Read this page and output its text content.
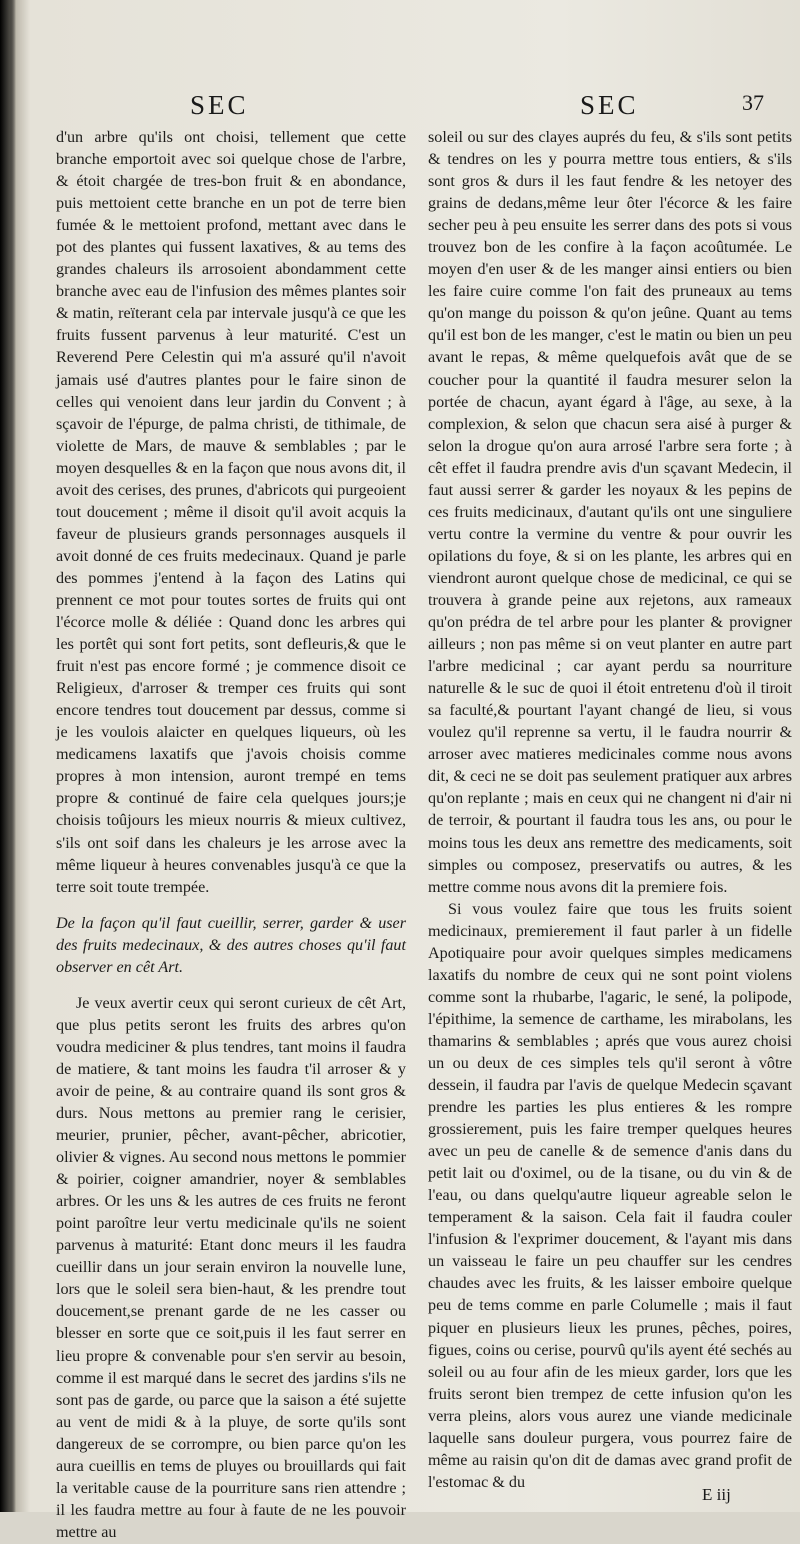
SEC	SEC	37

d'un arbre qu'ils ont choisi, tellement que cette branche emportoit avec soi quelque chose de l'arbre, & étoit chargée de tres-bon fruit & en abondance, puis mettoient cette branche en un pot de terre bien fumée & le mettoient profond, mettant avec dans le pot des plantes qui fussent laxatives, & au tems des grandes chaleurs ils arrosoient abondamment cette branche avec eau de l'infusion des mêmes plantes soir & matin, reïterant cela par intervale jusqu'à ce que les fruits fussent parvenus à leur maturité. C'est un Reverend Pere Celestin qui m'a assuré qu'il n'avoit jamais usé d'autres plantes pour le faire sinon de celles qui venoient dans leur jardin du Convent ; à sçavoir de l'épurge, de palma christi, de tithimale, de violette de Mars, de mauve & semblables ; par le moyen desquelles & en la façon que nous avons dit, il avoit des cerises, des prunes, d'abricots qui purgeoient tout doucement ; même il disoit qu'il avoit acquis la faveur de plusieurs grands personnages ausquels il avoit donné de ces fruits medecinaux. Quand je parle des pommes j'entend à la façon des Latins qui prennent ce mot pour toutes sortes de fruits qui ont l'écorce molle & déliée : Quand donc les arbres qui les portêt qui sont fort petits, sont defleuris,& que le fruit n'est pas encore formé ; je commence disoit ce Religieux, d'arroser & tremper ces fruits qui sont encore tendres tout doucement par dessus, comme si je les voulois alaicter en quelques liqueurs, où les medicamens laxatifs que j'avois choisis comme propres à mon intension, auront trempé en tems propre & continué de faire cela quelques jours;je choisis toûjours les mieux nourris & mieux cultivez, s'ils ont soif dans les chaleurs je les arrose avec la même liqueur à heures convenables jusqu'à ce que la terre soit toute trempée.

De la façon qu'il faut cueillir, serrer, garder & user des fruits medecinaux, & des autres choses qu'il faut observer en cêt Art.

Je veux avertir ceux qui seront curieux de cêt Art, que plus petits seront les fruits des arbres qu'on voudra mediciner & plus tendres, tant moins il faudra de matiere, & tant moins les faudra t'il arroser & y avoir de peine, & au contraire quand ils sont gros & durs. Nous mettons au premier rang le cerisier, meurier, prunier, pêcher, avant-pêcher, abricotier, olivier & vignes. Au second nous mettons le pommier & poirier, coigner amandrier, noyer & semblables arbres. Or les uns & les autres de ces fruits ne feront point paroître leur vertu medicinale qu'ils ne soient parvenus à maturité: Etant donc meurs il les faudra cueillir dans un jour serain environ la nouvelle lune, lors que le soleil sera bien-haut, & les prendre tout doucement,se prenant garde de ne les casser ou blesser en sorte que ce soit,puis il les faut serrer en lieu propre & convenable pour s'en servir au besoin, comme il est marqué dans le secret des jardins s'ils ne sont pas de garde, ou parce que la saison a été sujette au vent de midi & à la pluye, de sorte qu'ils sont dangereux de se corrompre, ou bien parce qu'on les aura cueillis en tems de pluyes ou brouillards qui fait la veritable cause de la pourriture sans rien attendre ; il les faudra mettre au four à faute de ne les pouvoir mettre au

soleil ou sur des clayes auprés du feu, & s'ils sont petits & tendres on les y pourra mettre tous entiers, & s'ils sont gros & durs il les faut fendre & les netoyer des grains de dedans,même leur ôter l'écorce & les faire secher peu à peu ensuite les serrer dans des pots si vous trouvez bon de les confire à la façon acoûtumée. Le moyen d'en user & de les manger ainsi entiers ou bien les faire cuire comme l'on fait des pruneaux au tems qu'on mange du poisson & qu'on jeûne. Quant au tems qu'il est bon de les manger, c'est le matin ou bien un peu avant le repas, & même quelquefois avât que de se coucher pour la quantité il faudra mesurer selon la portée de chacun, ayant égard à l'âge, au sexe, à la complexion, & selon que chacun sera aisé à purger & selon la drogue qu'on aura arrosé l'arbre sera forte ; à cêt effet il faudra prendre avis d'un sçavant Medecin, il faut aussi serrer & garder les noyaux & les pepins de ces fruits medicinaux, d'autant qu'ils ont une singuliere vertu contre la vermine du ventre & pour ouvrir les opilations du foye, & si on les plante, les arbres qui en viendront auront quelque chose de medicinal, ce qui se trouvera à grande peine aux rejetons, aux rameaux qu'on prédra de tel arbre pour les planter & provigner ailleurs ; non pas même si on veut planter en autre part l'arbre medicinal ; car ayant perdu sa nourriture naturelle & le suc de quoi il étoit entretenu d'où il tiroit sa faculté,& pourtant l'ayant changé de lieu, si vous voulez qu'il reprenne sa vertu, il le faudra nourrir & arroser avec matieres medicinales comme nous avons dit, & ceci ne se doit pas seulement pratiquer aux arbres qu'on replante ; mais en ceux qui ne changent ni d'air ni de terroir, & pourtant il faudra tous les ans, ou pour le moins tous les deux ans remettre des medicaments, soit simples ou composez, preservatifs ou autres, & les mettre comme nous avons dit la premiere fois.

Si vous voulez faire que tous les fruits soient medicinaux, premierement il faut parler à un fidelle Apotiquaire pour avoir quelques simples medicamens laxatifs du nombre de ceux qui ne sont point violens comme sont la rhubarbe, l'agaric, le sené, la polipode, l'épithime, la semence de carthame, les mirabolans, les thamarins & semblables ; aprés que vous aurez choisi un ou deux de ces simples tels qu'il seront à vôtre dessein, il faudra par l'avis de quelque Medecin sçavant prendre les parties les plus entieres & les rompre grossierement, puis les faire tremper quelques heures avec un peu de canelle & de semence d'anis dans du petit lait ou d'oximel, ou de la tisane, ou du vin & de l'eau, ou dans quelqu'autre liqueur agreable selon le temperament & la saison. Cela fait il faudra couler l'infusion & l'exprimer doucement, & l'ayant mis dans un vaisseau le faire un peu chauffer sur les cendres chaudes avec les fruits, & les laisser emboire quelque peu de tems comme en parle Columelle ; mais il faut piquer en plusieurs lieux les prunes, pêches, poires, figues, coins ou cerise, pourvû qu'ils ayent été sechés au soleil ou au four afin de les mieux garder, lors que les fruits seront bien trempez de cette infusion qu'on les verra pleins, alors vous aurez une viande medicinale laquelle sans douleur purgera, vous pourrez faire de même au raisin qu'on dit de damas avec grand profit de l'estomac & du

E iij
